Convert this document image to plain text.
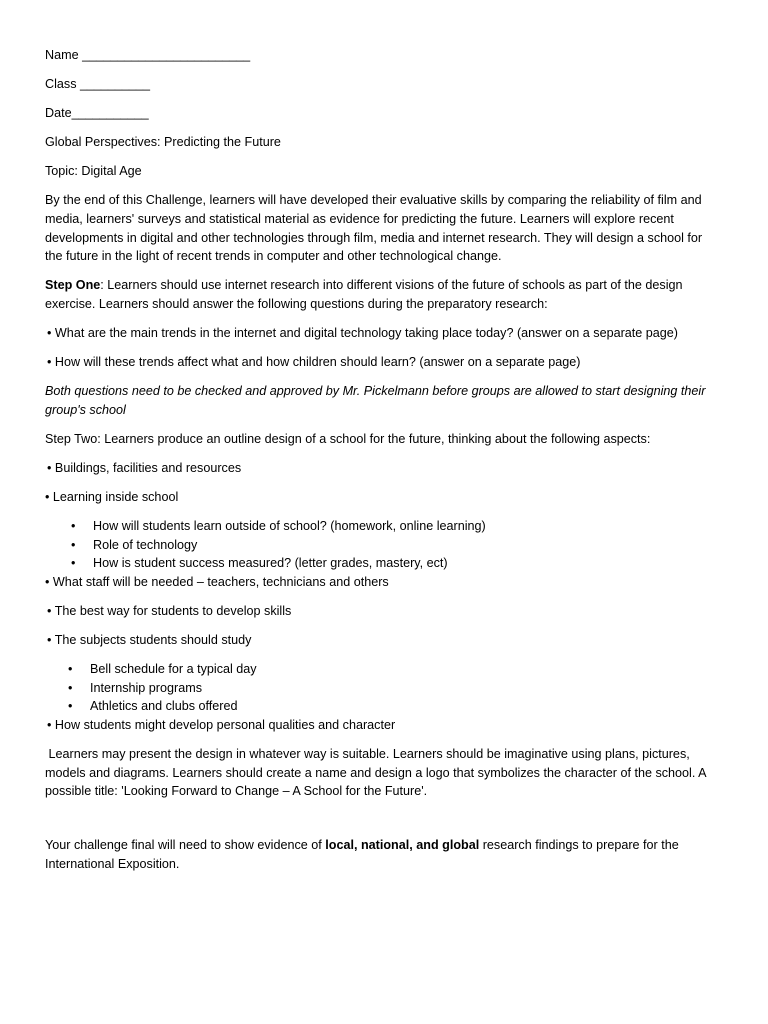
Name ________________________
Class __________
Date___________
Global Perspectives: Predicting the Future
Topic: Digital Age
By the end of this Challenge, learners will have developed their evaluative skills by comparing the reliability of film and
media, learners' surveys and statistical material as evidence for predicting the future. Learners will explore recent
developments in digital and other technologies through film, media and internet research. They will design a school for
the future in the light of recent trends in computer and other technological change.
Step One: Learners should use internet research into different visions of the future of schools as part of the design
exercise. Learners should answer the following questions during the preparatory research:
• What are the main trends in the internet and digital technology taking place today? (answer on a separate page)
• How will these trends affect what and how children should learn? (answer on a separate page)
Both questions need to be checked and approved by Mr. Pickelmann before groups are allowed to start designing their
group's school
Step Two: Learners produce an outline design of a school for the future, thinking about the following aspects:
• Buildings, facilities and resources
• Learning inside school
• How will students learn outside of school? (homework, online learning)
• Role of technology
• How is student success measured? (letter grades, mastery, ect)
• What staff will be needed – teachers, technicians and others
• The best way for students to develop skills
• The subjects students should study
• Bell schedule for a typical day
• Internship programs
• Athletics and clubs offered
• How students might develop personal qualities and character
Learners may present the design in whatever way is suitable. Learners should be imaginative using plans, pictures,
models and diagrams. Learners should create a name and design a logo that symbolizes the character of the school. A
possible title: 'Looking Forward to Change – A School for the Future'.
Your challenge final will need to show evidence of local, national, and global research findings to prepare for the
International Exposition.
